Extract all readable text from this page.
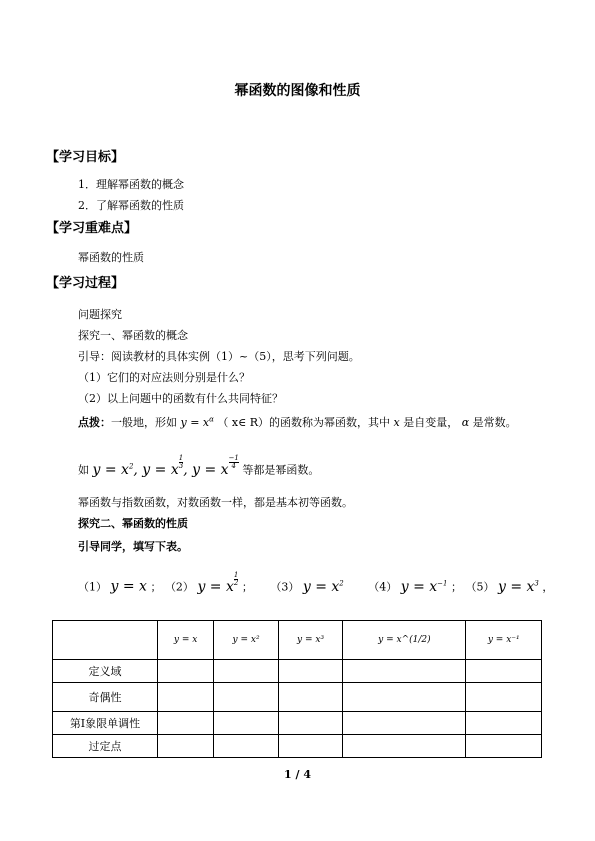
幂函数的图像和性质
【学习目标】
1．理解幂函数的概念
2．了解幂函数的性质
【学习重难点】
幂函数的性质
【学习过程】
问题探究
探究一、幂函数的概念
引导：阅读教材的具体实例（1）~（5），思考下列问题。
（1）它们的对应法则分别是什么？
（2）以上问题中的函数有什么共同特征？
点拨：一般地，形如 $y = x^\alpha$ （ x∈ R）的函数称为幂函数，其中 x 是自变量， α 是常数。
如 $y = x^2$, y = x $\frac{1}{3}$ , y = x $\frac{-1}{4}$
等都是幂函数。
幂函数与指数函数，对数函数一样，都是基本初等函数。
探究二、幂函数的性质
引导同学，填写下表。
（1） y = x ； （2） y = x $\frac{1}{2}$
； （3） $y = x^2$ （4） $y = x^{-1}$ ； （5） $y = x^3$ ，
	y = x	y = x²	y = x³	y = x^(1/2)	y = x⁻¹
定义域					
奇偶性					
第Ⅰ象限单调性					
过定点					
1 / 4
